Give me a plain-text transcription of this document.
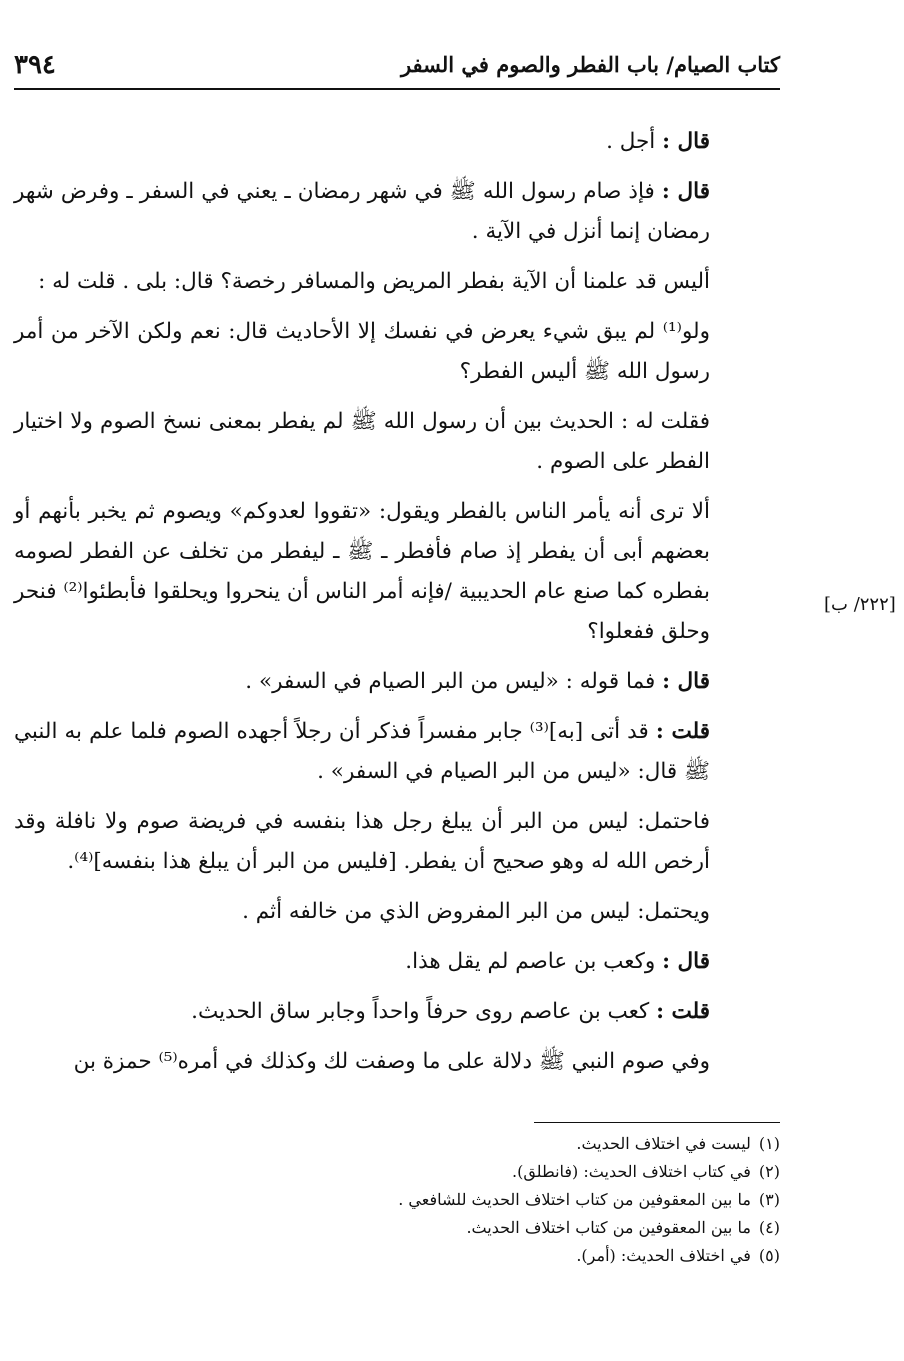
كتاب الصيام/ باب الفطر والصوم في السفر
٣٩٤
[٢٢٢/ ب]

قال : أجل .

قال : فإذ صام رسول الله ﷺ في شهر رمضان ـ يعني في السفر ـ وفرض شهر رمضان إنما أنزل في الآية .

أليس قد علمنا أن الآية بفطر المريض والمسافر رخصة؟ قال: بلى . قلت له :

ولو⁽¹⁾ لم يبق شيء يعرض في نفسك إلا الأحاديث قال: نعم ولكن الآخر من أمر رسول الله ﷺ أليس الفطر؟

فقلت له : الحديث بين أن رسول الله ﷺ لم يفطر بمعنى نسخ الصوم ولا اختيار الفطر على الصوم .

ألا ترى أنه يأمر الناس بالفطر ويقول: «تقووا لعدوكم» ويصوم ثم يخبر بأنهم أو بعضهم أبى أن يفطر إذ صام فأفطر ـ ﷺ ـ ليفطر من تخلف عن الفطر لصومه بفطره كما صنع عام الحديبية /فإنه أمر الناس أن ينحروا ويحلقوا فأبطئوا⁽²⁾ فنحر وحلق ففعلوا؟

قال : فما قوله : «ليس من البر الصيام في السفر» .

قلت : قد أتى [به]⁽³⁾ جابر مفسراً فذكر أن رجلاً أجهده الصوم فلما علم به النبي ﷺ قال: «ليس من البر الصيام في السفر» .

فاحتمل: ليس من البر أن يبلغ رجل هذا بنفسه في فريضة صوم ولا نافلة وقد أرخص الله له وهو صحيح أن يفطر. [فليس من البر أن يبلغ هذا بنفسه]⁽⁴⁾.

ويحتمل: ليس من البر المفروض الذي من خالفه أثم .

قال : وكعب بن عاصم لم يقل هذا.

قلت : كعب بن عاصم روى حرفاً واحداً وجابر ساق الحديث.

وفي صوم النبي ﷺ دلالة على ما وصفت لك وكذلك في أمره⁽⁵⁾ حمزة بن

(١)ليست في اختلاف الحديث.
(٢)في كتاب اختلاف الحديث: (فانطلق).
(٣)ما بين المعقوفين من كتاب اختلاف الحديث للشافعي .
(٤)ما بين المعقوفين من كتاب اختلاف الحديث.
(٥)في اختلاف الحديث: (أمر).
